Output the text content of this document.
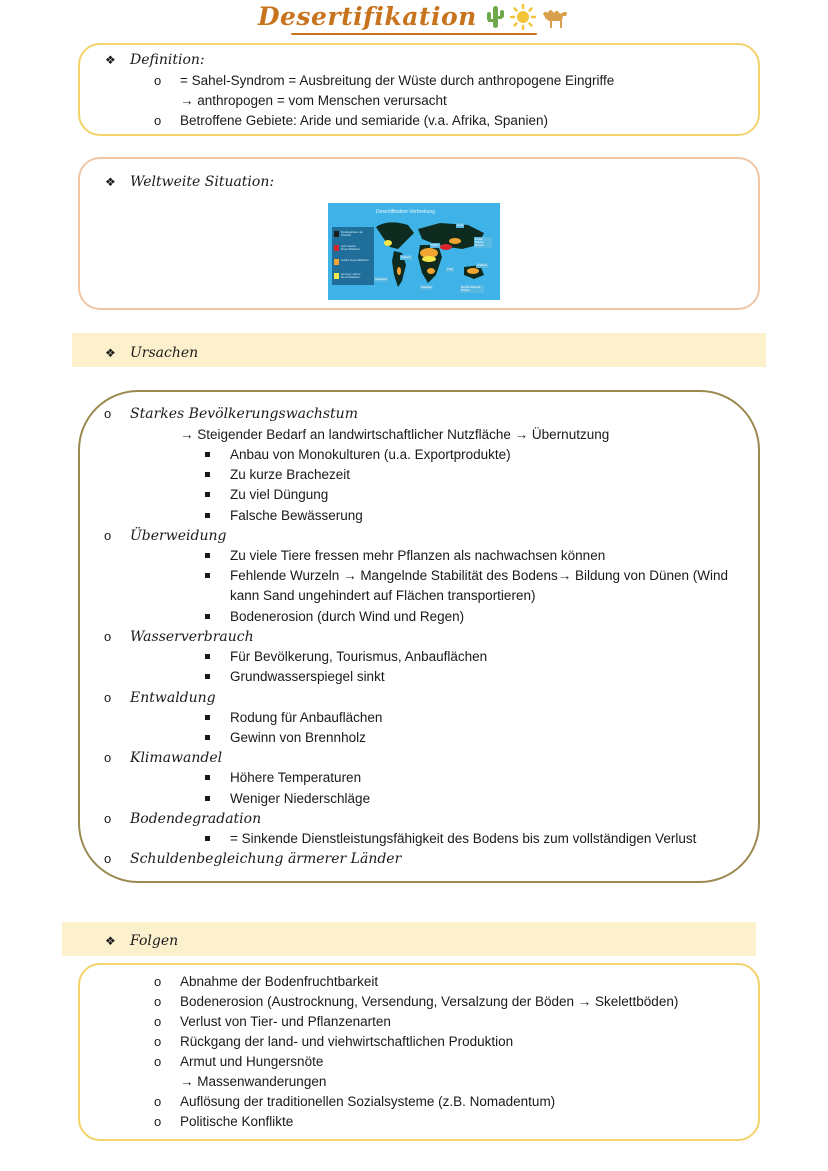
Desertifikation
❖ Definition:
o = Sahel-Syndrom = Ausbreitung der Wüste durch anthropogene Eingriffe
→ anthropogen = vom Menschen verursacht
o Betroffene Gebiete: Aride und semiaride (v.a. Afrika, Spanien)
❖ Weltweite Situation:
Desertifikation-Verbreitung
Randgebiete der Wüsten
sehr starke Desertifikation
starke Desertifikation
weniger starke Desertifikation
Sahara
Kalahari
Gobi
Thar
Sahel
Arabien
Atacama
Great Sandy Desert
Große Victoria Wüste
❖ Ursachen
o Starkes Bevölkerungswachstum
→ Steigender Bedarf an landwirtschaftlicher Nutzfläche → Übernutzung
Anbau von Monokulturen (u.a. Exportprodukte)
Zu kurze Brachezeit
Zu viel Düngung
Falsche Bewässerung
o Überweidung
Zu viele Tiere fressen mehr Pflanzen als nachwachsen können
Fehlende Wurzeln → Mangelnde Stabilität des Bodens→ Bildung von Dünen (Wind
kann Sand ungehindert auf Flächen transportieren)
Bodenerosion (durch Wind und Regen)
o Wasserverbrauch
Für Bevölkerung, Tourismus, Anbauflächen
Grundwasserspiegel sinkt
o Entwaldung
Rodung für Anbauflächen
Gewinn von Brennholz
o Klimawandel
Höhere Temperaturen
Weniger Niederschläge
o Bodendegradation
= Sinkende Dienstleistungsfähigkeit des Bodens bis zum vollständigen Verlust
o Schuldenbegleichung ärmerer Länder
❖ Folgen
o Abnahme der Bodenfruchtbarkeit
o Bodenerosion (Austrocknung, Versendung, Versalzung der Böden → Skelettböden)
o Verlust von Tier- und Pflanzenarten
o Rückgang der land- und viehwirtschaftlichen Produktion
o Armut und Hungersnöte
→ Massenwanderungen
o Auflösung der traditionellen Sozialsysteme (z.B. Nomadentum)
o Politische Konflikte
